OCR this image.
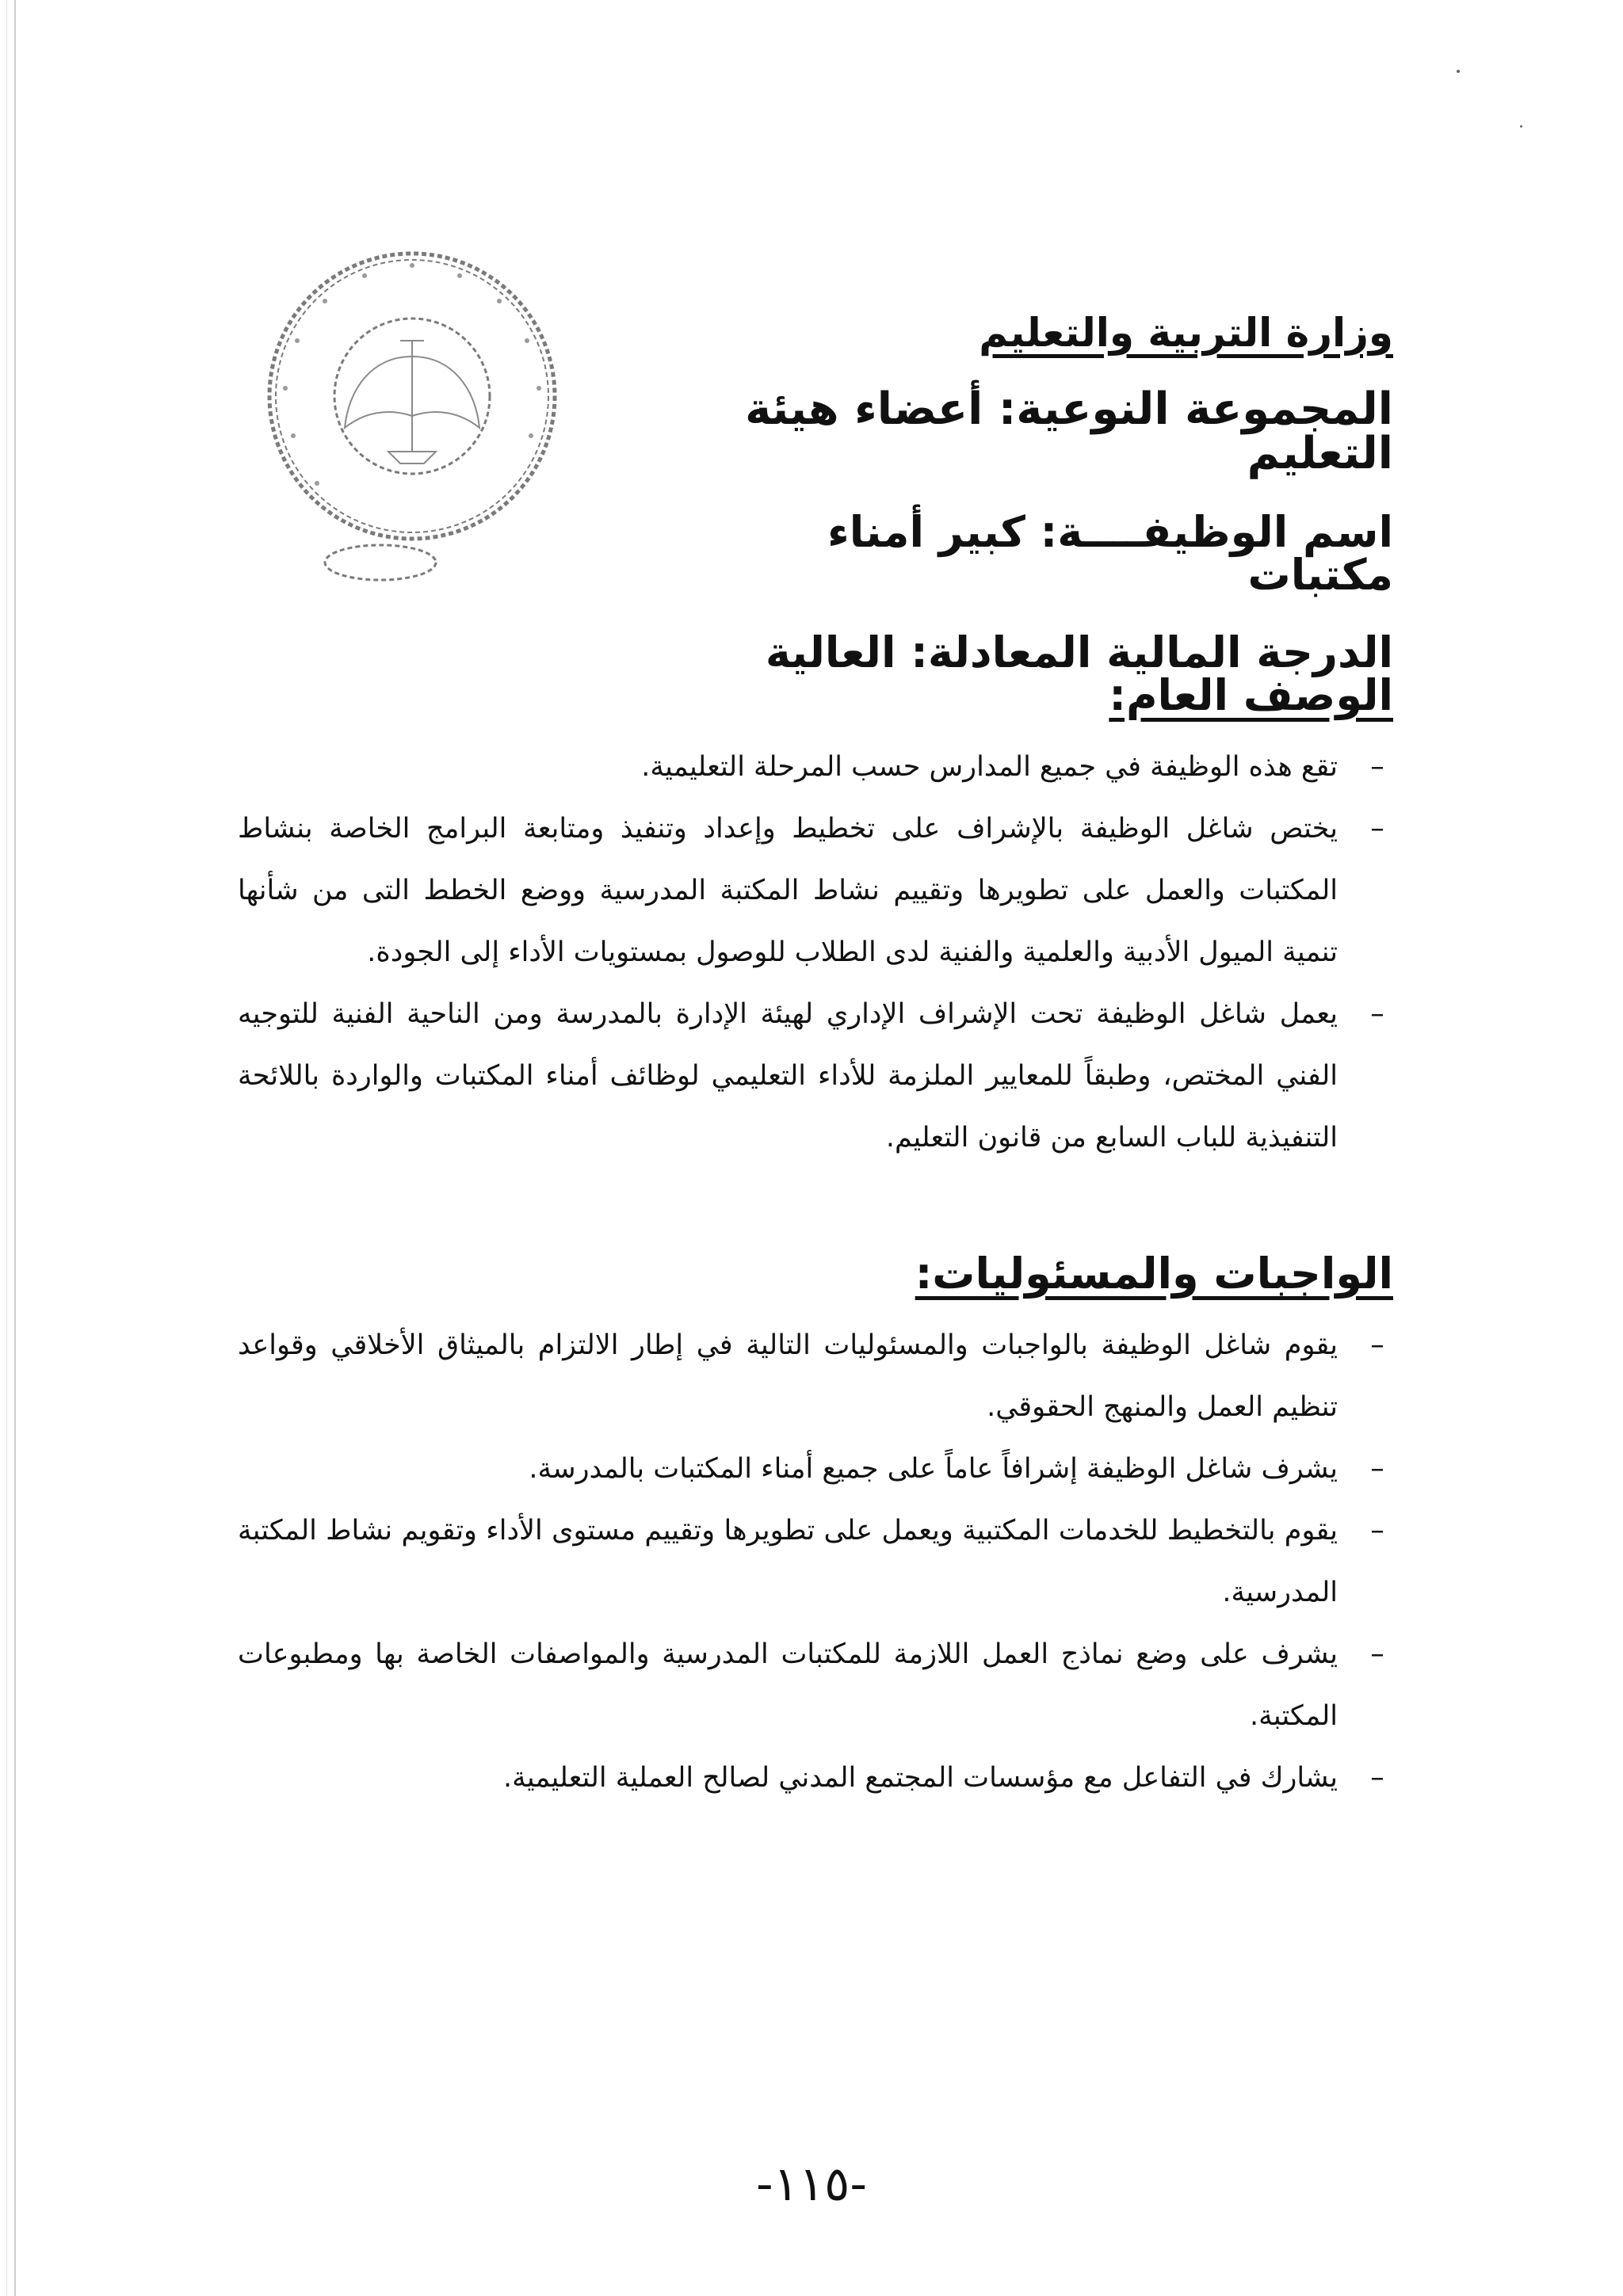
وزارة التربية والتعليم

المجموعة النوعية: أعضاء هيئة التعليم

اسم الوظيفــــة: كبير أمناء مكتبات

الدرجة المالية المعادلة: العالية

الوصف العام:

–
تقع هذه الوظيفة في جميع المدارس حسب المرحلة التعليمية.
–
يختص شاغل الوظيفة بالإشراف على تخطيط وإعداد وتنفيذ ومتابعة البرامج الخاصة بنشاط المكتبات والعمل على تطويرها وتقييم نشاط المكتبة المدرسية ووضع الخطط التى من شأنها تنمية الميول الأدبية والعلمية والفنية لدى الطلاب للوصول بمستويات الأداء إلى الجودة.
–
يعمل شاغل الوظيفة تحت الإشراف الإداري لهيئة الإدارة بالمدرسة ومن الناحية الفنية للتوجيه الفني المختص، وطبقاً للمعايير الملزمة للأداء التعليمي لوظائف أمناء المكتبات والواردة باللائحة التنفيذية للباب السابع من قانون التعليم.

الواجبات والمسئوليات:

–
يقوم شاغل الوظيفة بالواجبات والمسئوليات التالية في إطار الالتزام بالميثاق الأخلاقي وقواعد تنظيم العمل والمنهج الحقوقي.
–
يشرف شاغل الوظيفة إشرافاً عاماً على جميع أمناء المكتبات بالمدرسة.
–
يقوم بالتخطيط للخدمات المكتبية ويعمل على تطويرها وتقييم مستوى الأداء وتقويم نشاط المكتبة المدرسية.
–
يشرف على وضع نماذج العمل اللازمة للمكتبات المدرسية والمواصفات الخاصة بها ومطبوعات المكتبة.
–
يشارك في التفاعل مع مؤسسات المجتمع المدني لصالح العملية التعليمية.
-١١٥-
